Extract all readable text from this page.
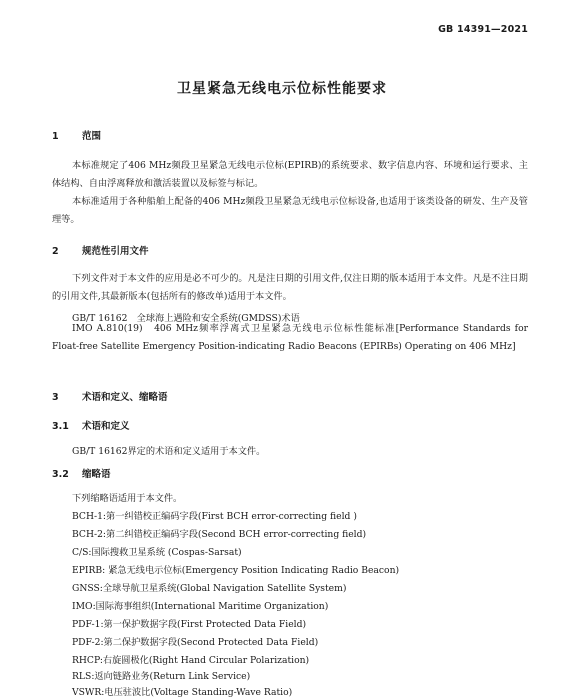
GB 14391—2021
卫星紧急无线电示位标性能要求
1 范围
本标准规定了406 MHz频段卫星紧急无线电示位标(EPIRB)的系统要求、数字信息内容、环境和运行要求、主体结构、自由浮离释放和激活装置以及标签与标记。
本标准适用于各种船舶上配备的406 MHz频段卫星紧急无线电示位标设备,也适用于该类设备的研发、生产及管理等。
2 规范性引用文件
下列文件对于本文件的应用是必不可少的。凡是注日期的引用文件,仅注日期的版本适用于本文件。凡是不注日期的引用文件,其最新版本(包括所有的修改单)适用于本文件。
GB/T 16162　全球海上遇险和安全系统(GMDSS)术语
IMO A.810(19)　406 MHz频率浮离式卫星紧急无线电示位标性能标准[Performance Standards for Float-free Satellite Emergency Position-indicating Radio Beacons (EPIRBs) Operating on 406 MHz]
3 术语和定义、缩略语
3.1 术语和定义
GB/T 16162界定的术语和定义适用于本文件。
3.2 缩略语
下列缩略语适用于本文件。
BCH-1:第一纠错校正编码字段(First BCH error-correcting field )
BCH-2:第二纠错校正编码字段(Second BCH error-correcting field)
C/S:国际搜救卫星系统 (Cospas-Sarsat)
EPIRB: 紧急无线电示位标(Emergency Position Indicating Radio Beacon)
GNSS:全球导航卫星系统(Global Navigation Satellite System)
IMO:国际海事组织(International Maritime Organization)
PDF-1:第一保护数据字段(First Protected Data Field)
PDF-2:第二保护数据字段(Second Protected Data Field)
RHCP:右旋圆极化(Right Hand Circular Polarization)
RLS:返向链路业务(Return Link Service)
VSWR:电压驻波比(Voltage Standing-Wave Ratio)
